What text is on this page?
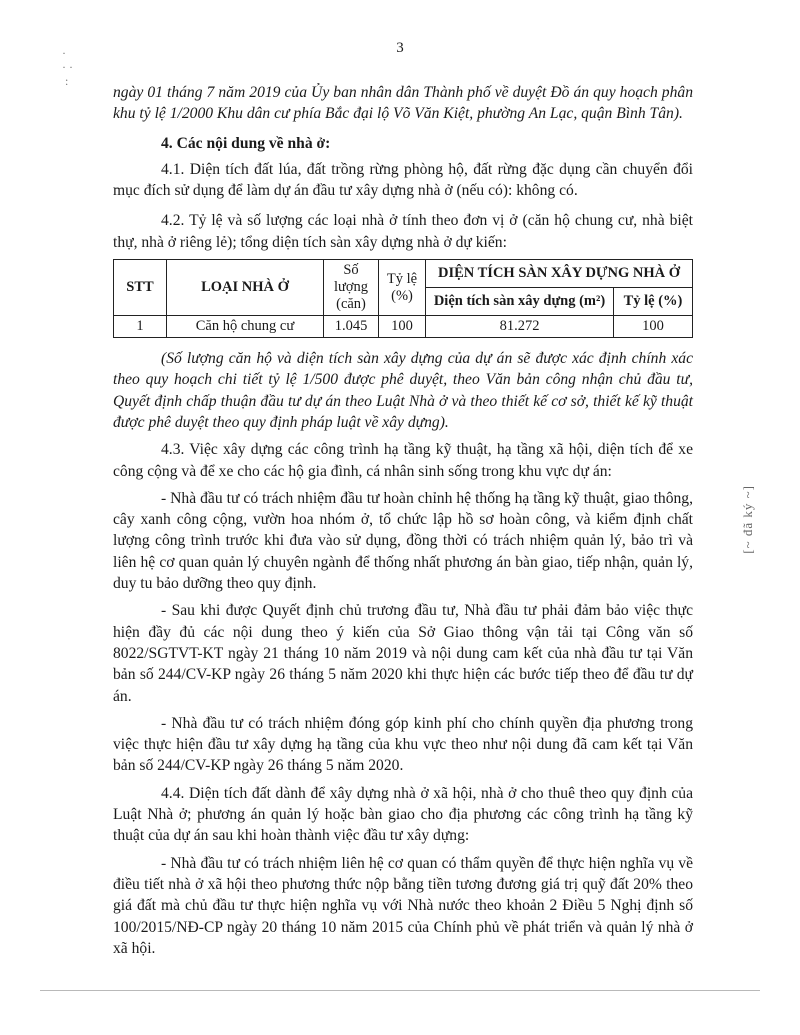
3
·
· ·
:

ngày 01 tháng 7 năm 2019 của Ủy ban nhân dân Thành phố về duyệt Đồ án quy hoạch phân khu tỷ lệ 1/2000 Khu dân cư phía Bắc đại lộ Võ Văn Kiệt, phường An Lạc, quận Bình Tân).

4. Các nội dung về nhà ở:

4.1. Diện tích đất lúa, đất trồng rừng phòng hộ, đất rừng đặc dụng cần chuyển đổi mục đích sử dụng để làm dự án đầu tư xây dựng nhà ở (nếu có): không có.

4.2. Tỷ lệ và số lượng các loại nhà ở tính theo đơn vị ở (căn hộ chung cư, nhà biệt thự, nhà ở riêng lẻ); tổng diện tích sàn xây dựng nhà ở dự kiến:

STT	LOẠI NHÀ Ở	Số lượng (căn)	Tỷ lệ (%)	DIỆN TÍCH SÀN XÂY DỰNG NHÀ Ở	
				Diện tích sàn xây dựng (m²)	Tỷ lệ (%)
1	Căn hộ chung cư	1.045	100	81.272	100

(Số lượng căn hộ và diện tích sàn xây dựng của dự án sẽ được xác định chính xác theo quy hoạch chi tiết tỷ lệ 1/500 được phê duyệt, theo Văn bản công nhận chủ đầu tư, Quyết định chấp thuận đầu tư dự án theo Luật Nhà ở và theo thiết kế cơ sở, thiết kế kỹ thuật được phê duyệt theo quy định pháp luật về xây dựng).

4.3. Việc xây dựng các công trình hạ tầng kỹ thuật, hạ tầng xã hội, diện tích để xe công cộng và để xe cho các hộ gia đình, cá nhân sinh sống trong khu vực dự án:

- Nhà đầu tư có trách nhiệm đầu tư hoàn chỉnh hệ thống hạ tầng kỹ thuật, giao thông, cây xanh công cộng, vườn hoa nhóm ở, tổ chức lập hồ sơ hoàn công, và kiểm định chất lượng công trình trước khi đưa vào sử dụng, đồng thời có trách nhiệm quản lý, bảo trì và liên hệ cơ quan quản lý chuyên ngành để thống nhất phương án bàn giao, tiếp nhận, quản lý, duy tu bảo dưỡng theo quy định.

- Sau khi được Quyết định chủ trương đầu tư, Nhà đầu tư phải đảm bảo việc thực hiện đầy đủ các nội dung theo ý kiến của Sở Giao thông vận tải tại Công văn số 8022/SGTVT-KT ngày 21 tháng 10 năm 2019 và nội dung cam kết của nhà đầu tư tại Văn bản số 244/CV-KP ngày 26 tháng 5 năm 2020 khi thực hiện các bước tiếp theo để đầu tư dự án.

- Nhà đầu tư có trách nhiệm đóng góp kinh phí cho chính quyền địa phương trong việc thực hiện đầu tư xây dựng hạ tầng của khu vực theo như nội dung đã cam kết tại Văn bản số 244/CV-KP ngày 26 tháng 5 năm 2020.

4.4. Diện tích đất dành để xây dựng nhà ở xã hội, nhà ở cho thuê theo quy định của Luật Nhà ở; phương án quản lý hoặc bàn giao cho địa phương các công trình hạ tầng kỹ thuật của dự án sau khi hoàn thành việc đầu tư xây dựng:

- Nhà đầu tư có trách nhiệm liên hệ cơ quan có thẩm quyền để thực hiện nghĩa vụ về điều tiết nhà ở xã hội theo phương thức nộp bằng tiền tương đương giá trị quỹ đất 20% theo giá đất mà chủ đầu tư thực hiện nghĩa vụ với Nhà nước theo khoản 2 Điều 5 Nghị định số 100/2015/NĐ-CP ngày 20 tháng 10 năm 2015 của Chính phủ về phát triển và quản lý nhà ở xã hội.

[~ đã ký ~]
